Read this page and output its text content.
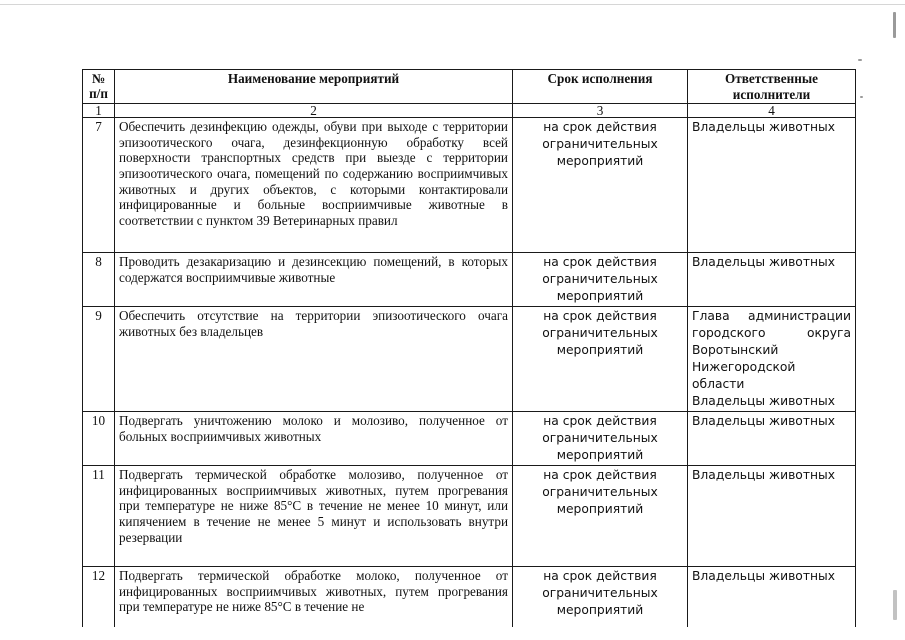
№ п/п	Наименование мероприятий	Срок исполнения	Ответственные исполнители
1	2	3	4
7	Обеспечить дезинфекцию одежды, обуви при выходе с территории эпизоотического очага, дезинфекционную обработку всей поверхности транспортных средств при выезде с территории эпизоотического очага, помещений по содержанию восприимчивых животных и других объектов, с которыми контактировали инфицированные и больные восприимчивые животные в соответствии с пунктом 39 Ветеринарных правил	на срок действия ограничительных мероприятий	Владельцы животных

8	Проводить дезакаризацию и дезинсекцию помещений, в которых содержатся восприимчивые животные	на срок действия ограничительных мероприятий	Владельцы животных

9	Обеспечить отсутствие на территории эпизоотического очага животных без владельцев	на срок действия ограничительных мероприятий	Глава администрации городского округа Воротынский Нижегородской области
Владельцы животных

10	Подвергать уничтожению молоко и молозиво, полученное от больных восприимчивых животных	на срок действия ограничительных мероприятий	Владельцы животных

11	Подвергать термической обработке молозиво, полученное от инфицированных восприимчивых животных, путем прогревания при температуре не ниже 85°С в течение не менее 10 минут, или кипячением в течение не менее 5 минут и использовать внутри резервации	на срок действия ограничительных мероприятий	Владельцы животных

12	Подвергать термической обработке молоко, полученное от инфицированных восприимчивых животных, путем прогревания при температуре не ниже 85°С в течение не	на срок действия ограничительных мероприятий	Владельцы животных
